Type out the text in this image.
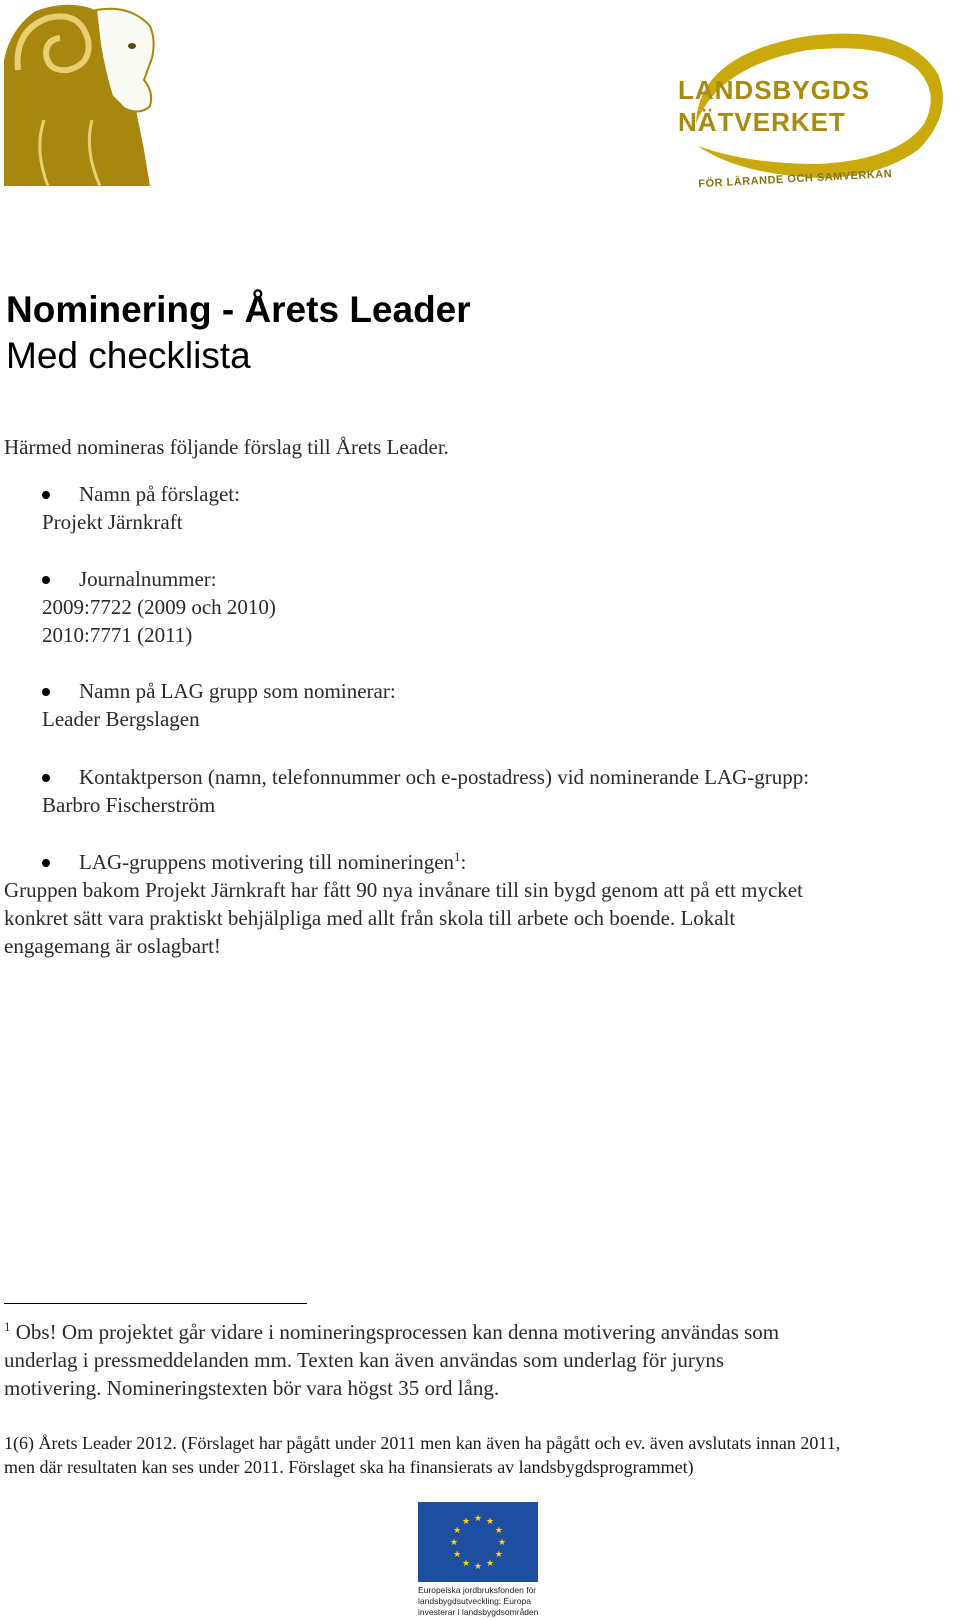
LANDSBYGDS
NÄTVERKET
FÖR LÄRANDE OCH SAMVERKAN
Nominering - Årets Leader
Med checklista
Härmed nomineras följande förslag till Årets Leader.
Namn på förslaget:
Projekt Järnkraft
Journalnummer:
2009:7722 (2009 och 2010)
2010:7771 (2011)
Namn på LAG grupp som nominerar:
Leader Bergslagen
Kontaktperson (namn, telefonnummer och e-postadress) vid nominerande LAG-grupp:
Barbro Fischerström
LAG-gruppens motivering till nomineringen$^1$:
Gruppen bakom Projekt Järnkraft har fått 90 nya invånare till sin bygd genom att på ett mycket
konkret sätt vara praktiskt behjälpliga med allt från skola till arbete och boende. Lokalt
engagemang är oslagbart!
$^1$ Obs! Om projektet går vidare i nomineringsprocessen kan denna motivering användas som
underlag i pressmeddelanden mm. Texten kan även användas som underlag för juryns
motivering. Nomineringstexten bör vara högst 35 ord lång.
1(6) Årets Leader 2012. (Förslaget har pågått under 2011 men kan även ha pågått och ev. även avslutats innan 2011,
men där resultaten kan ses under 2011. Förslaget ska ha finansierats av landsbygdsprogrammet)
★ ★
★
★
★
★
★
★
★
★
★
★
Europeiska jordbruksfonden för
landsbygdsutveckling: Europa
investerar i landsbygdsområden
